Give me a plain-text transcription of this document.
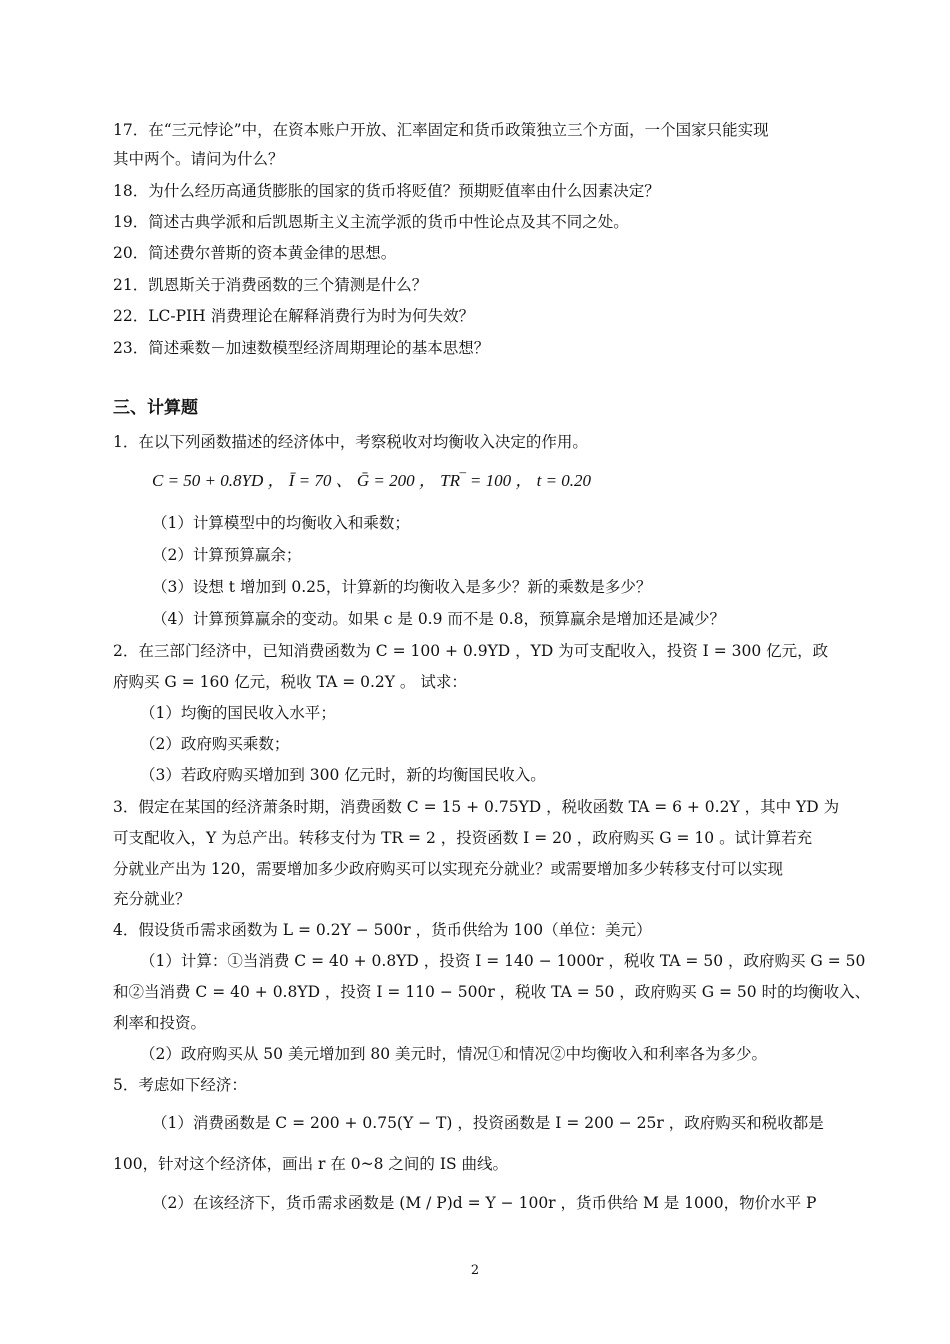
17．在“三元悖论”中，在资本账户开放、汇率固定和货币政策独立三个方面，一个国家只能实现
其中两个。请问为什么？
18．为什么经历高通货膨胀的国家的货币将贬值？预期贬值率由什么因素决定？
19．简述古典学派和后凯恩斯主义主流学派的货币中性论点及其不同之处。
20．简述费尔普斯的资本黄金律的思想。
21．凯恩斯关于消费函数的三个猜测是什么？
22．LC-PIH 消费理论在解释消费行为时为何失效？
23．简述乘数－加速数模型经济周期理论的基本思想？
三、计算题
1．在以下列函数描述的经济体中，考察税收对均衡收入决定的作用。
C = 50 + 0.8YD ， Ī = 70 、 Ḡ = 200 ， TR‾ = 100 ， t = 0.20
（1）计算模型中的均衡收入和乘数；
（2）计算预算赢余；
（3）设想 t 增加到 0.25，计算新的均衡收入是多少？新的乘数是多少？
（4）计算预算赢余的变动。如果 c 是 0.9 而不是 0.8，预算赢余是增加还是减少？
2．在三部门经济中，已知消费函数为 C = 100 + 0.9YD ，YD 为可支配收入，投资 I = 300 亿元，政
府购买 G = 160 亿元，税收 TA = 0.2Y 。 试求：
（1）均衡的国民收入水平；
（2）政府购买乘数；
（3）若政府购买增加到 300 亿元时，新的均衡国民收入。
3．假定在某国的经济萧条时期，消费函数 C = 15 + 0.75YD ，税收函数 TA = 6 + 0.2Y ，其中 YD 为
可支配收入，Y 为总产出。转移支付为 TR = 2 ，投资函数 I = 20 ，政府购买 G = 10 。试计算若充
分就业产出为 120，需要增加多少政府购买可以实现充分就业？或需要增加多少转移支付可以实现
充分就业？
4．假设货币需求函数为 L = 0.2Y − 500r ，货币供给为 100（单位：美元）
（1）计算：①当消费 C = 40 + 0.8YD ，投资 I = 140 − 1000r ，税收 TA = 50 ，政府购买 G = 50
和②当消费 C = 40 + 0.8YD ，投资 I = 110 − 500r ，税收 TA = 50 ，政府购买 G = 50 时的均衡收入、
利率和投资。
（2）政府购买从 50 美元增加到 80 美元时，情况①和情况②中均衡收入和利率各为多少。
5．考虑如下经济：
（1）消费函数是 C = 200 + 0.75(Y − T) ，投资函数是 I = 200 − 25r ，政府购买和税收都是
100，针对这个经济体，画出 r 在 0~8 之间的 IS 曲线。
（2）在该经济下，货币需求函数是 (M / P)d = Y − 100r ，货币供给 M 是 1000，物价水平 P
2
